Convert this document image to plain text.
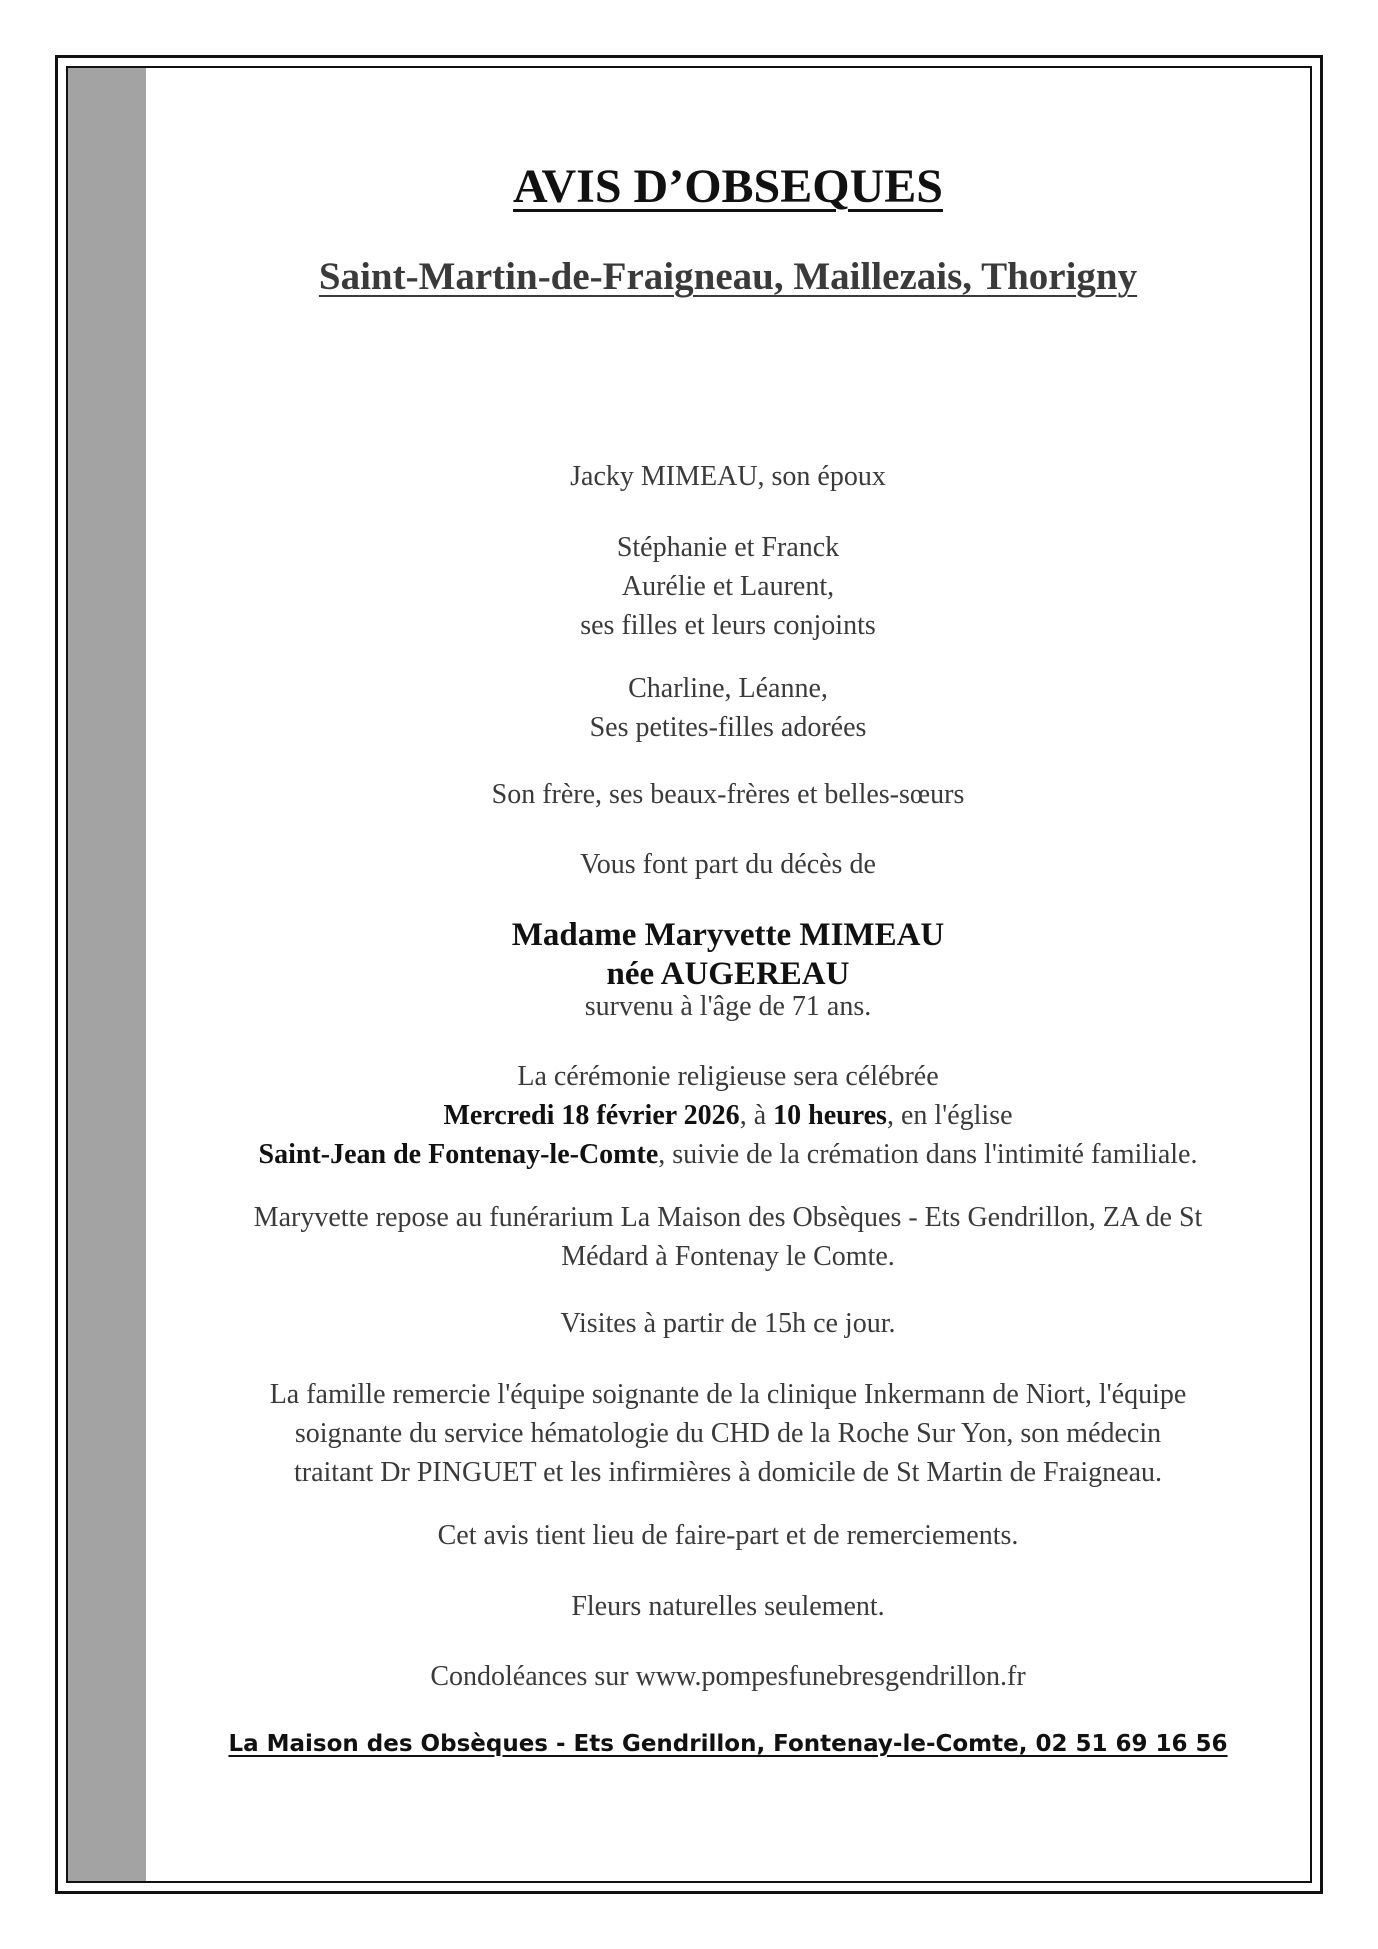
AVIS D’OBSEQUES
Saint-Martin-de-Fraigneau, Maillezais, Thorigny
Jacky MIMEAU, son époux
Stéphanie et Franck
Aurélie et Laurent,
ses filles et leurs conjoints
Charline, Léanne,
Ses petites-filles adorées
Son frère, ses beaux-frères et belles-sœurs
Vous font part du décès de
Madame Maryvette MIMEAU
née AUGEREAU
survenu à l'âge de 71 ans.
La cérémonie religieuse sera célébrée
Mercredi 18 février 2026, à 10 heures, en l'église
Saint-Jean de Fontenay-le-Comte, suivie de la crémation dans l'intimité familiale.
Maryvette repose au funérarium La Maison des Obsèques - Ets Gendrillon, ZA de St
Médard à Fontenay le Comte.
Visites à partir de 15h ce jour.
La famille remercie l'équipe soignante de la clinique Inkermann de Niort, l'équipe
soignante du service hématologie du CHD de la Roche Sur Yon, son médecin
traitant Dr PINGUET et les infirmières à domicile de St Martin de Fraigneau.
Cet avis tient lieu de faire-part et de remerciements.
Fleurs naturelles seulement.
Condoléances sur www.pompesfunebresgendrillon.fr
La Maison des Obsèques - Ets Gendrillon, Fontenay-le-Comte, 02 51 69 16 56
